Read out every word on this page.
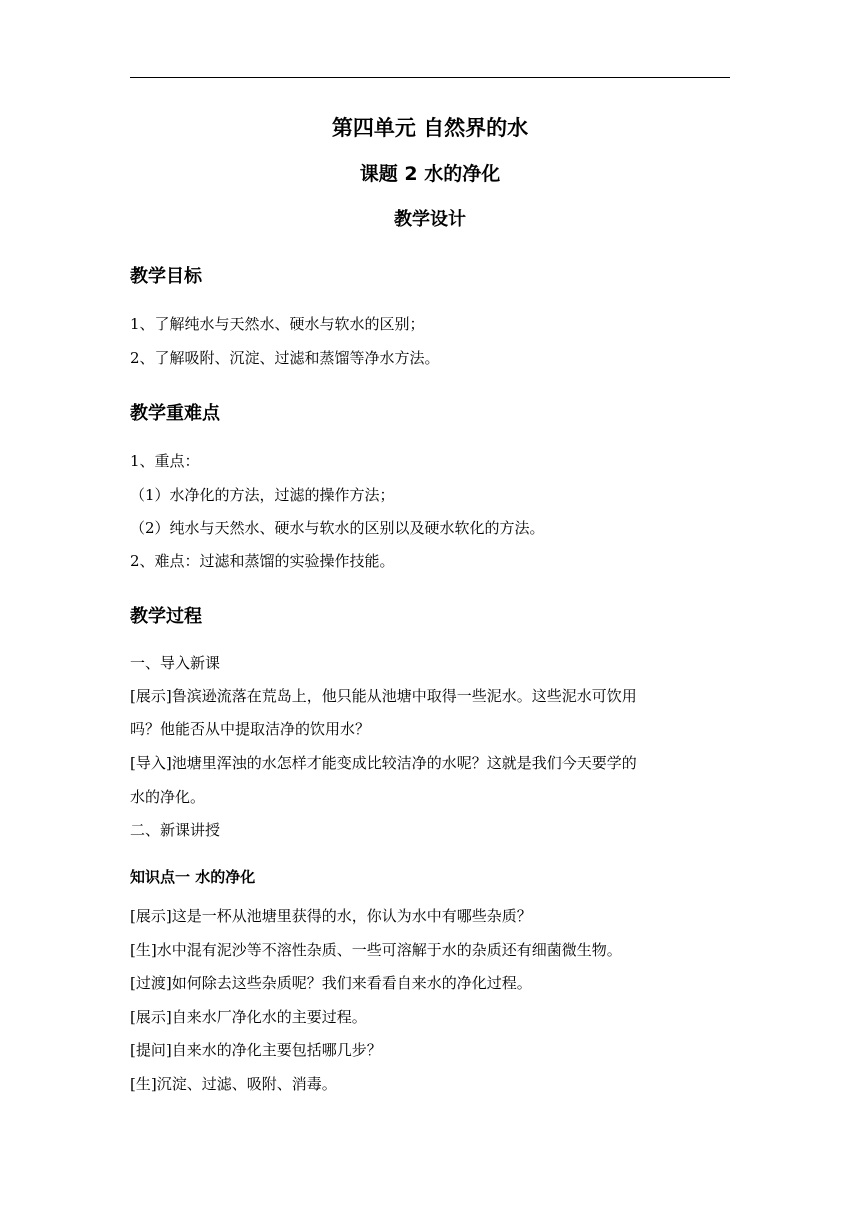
第四单元 自然界的水
课题 2 水的净化
教学设计
教学目标
1、了解纯水与天然水、硬水与软水的区别；
2、了解吸附、沉淀、过滤和蒸馏等净水方法。
教学重难点
1、重点：
（1）水净化的方法，过滤的操作方法；
（2）纯水与天然水、硬水与软水的区别以及硬水软化的方法。
2、难点：过滤和蒸馏的实验操作技能。
教学过程
一、导入新课
[展示]鲁滨逊流落在荒岛上，他只能从池塘中取得一些泥水。这些泥水可饮用
吗？他能否从中提取洁净的饮用水？
[导入]池塘里浑浊的水怎样才能变成比较洁净的水呢？这就是我们今天要学的
水的净化。
二、新课讲授
知识点一 水的净化
[展示]这是一杯从池塘里获得的水，你认为水中有哪些杂质？
[生]水中混有泥沙等不溶性杂质、一些可溶解于水的杂质还有细菌微生物。
[过渡]如何除去这些杂质呢？我们来看看自来水的净化过程。
[展示]自来水厂净化水的主要过程。
[提问]自来水的净化主要包括哪几步？
[生]沉淀、过滤、吸附、消毒。
